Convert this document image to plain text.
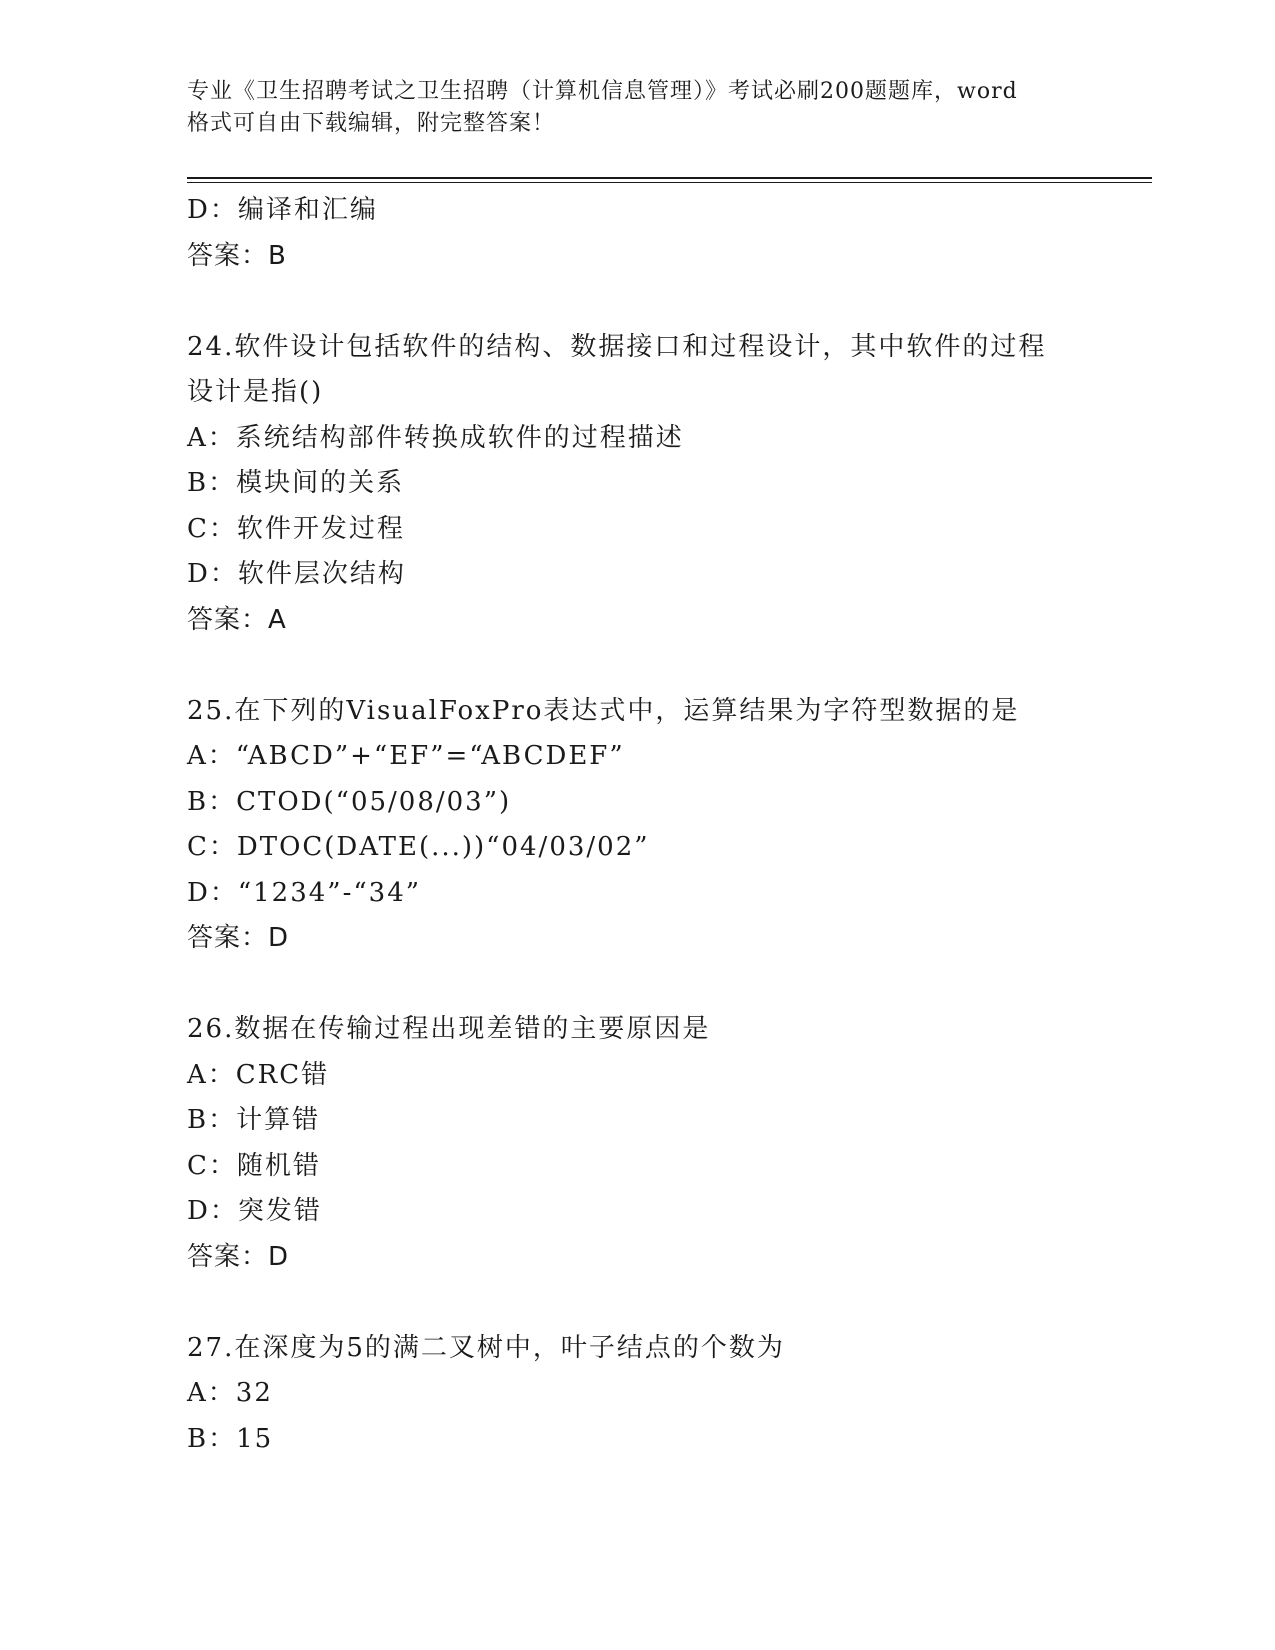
专业《卫生招聘考试之卫生招聘（计算机信息管理）》考试必刷200题题库，word
格式可自由下载编辑，附完整答案！
D：编译和汇编
答案：B
24.软件设计包括软件的结构、数据接口和过程设计，其中软件的过程
设计是指()
A：系统结构部件转换成软件的过程描述
B：模块间的关系
C：软件开发过程
D：软件层次结构
答案：A
25.在下列的VisualFoxPro表达式中，运算结果为字符型数据的是
A：“ABCD”+“EF”=“ABCDEF”
B：CTOD(“05/08/03”)
C：DTOC(DATE(...))“04/03/02”
D：“1234”-“34”
答案：D
26.数据在传输过程出现差错的主要原因是
A：CRC错
B：计算错
C：随机错
D：突发错
答案：D
27.在深度为5的满二叉树中，叶子结点的个数为
A：32
B：15
